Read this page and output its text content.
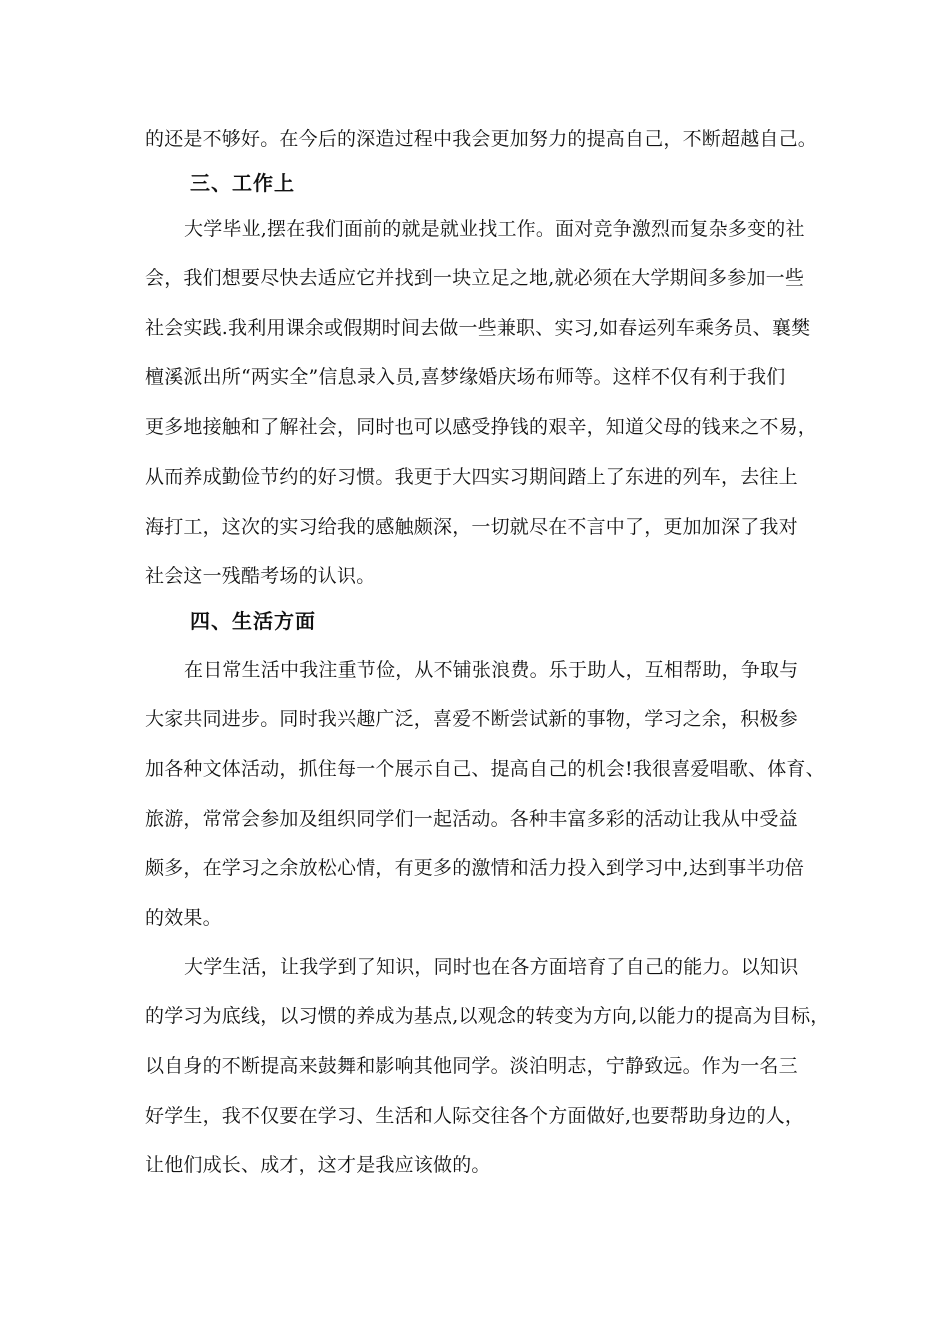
的还是不够好。在今后的深造过程中我会更加努力的提高自己，不断超越自己。
三、工作上
大学毕业,摆在我们面前的就是就业找工作。面对竞争激烈而复杂多变的社
会，我们想要尽快去适应它并找到一块立足之地,就必须在大学期间多参加一些
社会实践.我利用课余或假期时间去做一些兼职、实习,如春运列车乘务员、襄樊
檀溪派出所“两实全”信息录入员,喜梦缘婚庆场布师等。这样不仅有利于我们
更多地接触和了解社会，同时也可以感受挣钱的艰辛，知道父母的钱来之不易，
从而养成勤俭节约的好习惯。我更于大四实习期间踏上了东进的列车，去往上
海打工，这次的实习给我的感触颇深，一切就尽在不言中了，更加加深了我对
社会这一残酷考场的认识。
四、生活方面
在日常生活中我注重节俭，从不铺张浪费。乐于助人，互相帮助，争取与
大家共同进步。同时我兴趣广泛，喜爱不断尝试新的事物，学习之余，积极参
加各种文体活动，抓住每一个展示自己、提高自己的机会!我很喜爱唱歌、体育、
旅游，常常会参加及组织同学们一起活动。各种丰富多彩的活动让我从中受益
颇多，在学习之余放松心情，有更多的激情和活力投入到学习中,达到事半功倍
的效果。
大学生活，让我学到了知识，同时也在各方面培育了自己的能力。以知识
的学习为底线，以习惯的养成为基点,以观念的转变为方向,以能力的提高为目标，
以自身的不断提高来鼓舞和影响其他同学。淡泊明志，宁静致远。作为一名三
好学生，我不仅要在学习、生活和人际交往各个方面做好,也要帮助身边的人，
让他们成长、成才，这才是我应该做的。
